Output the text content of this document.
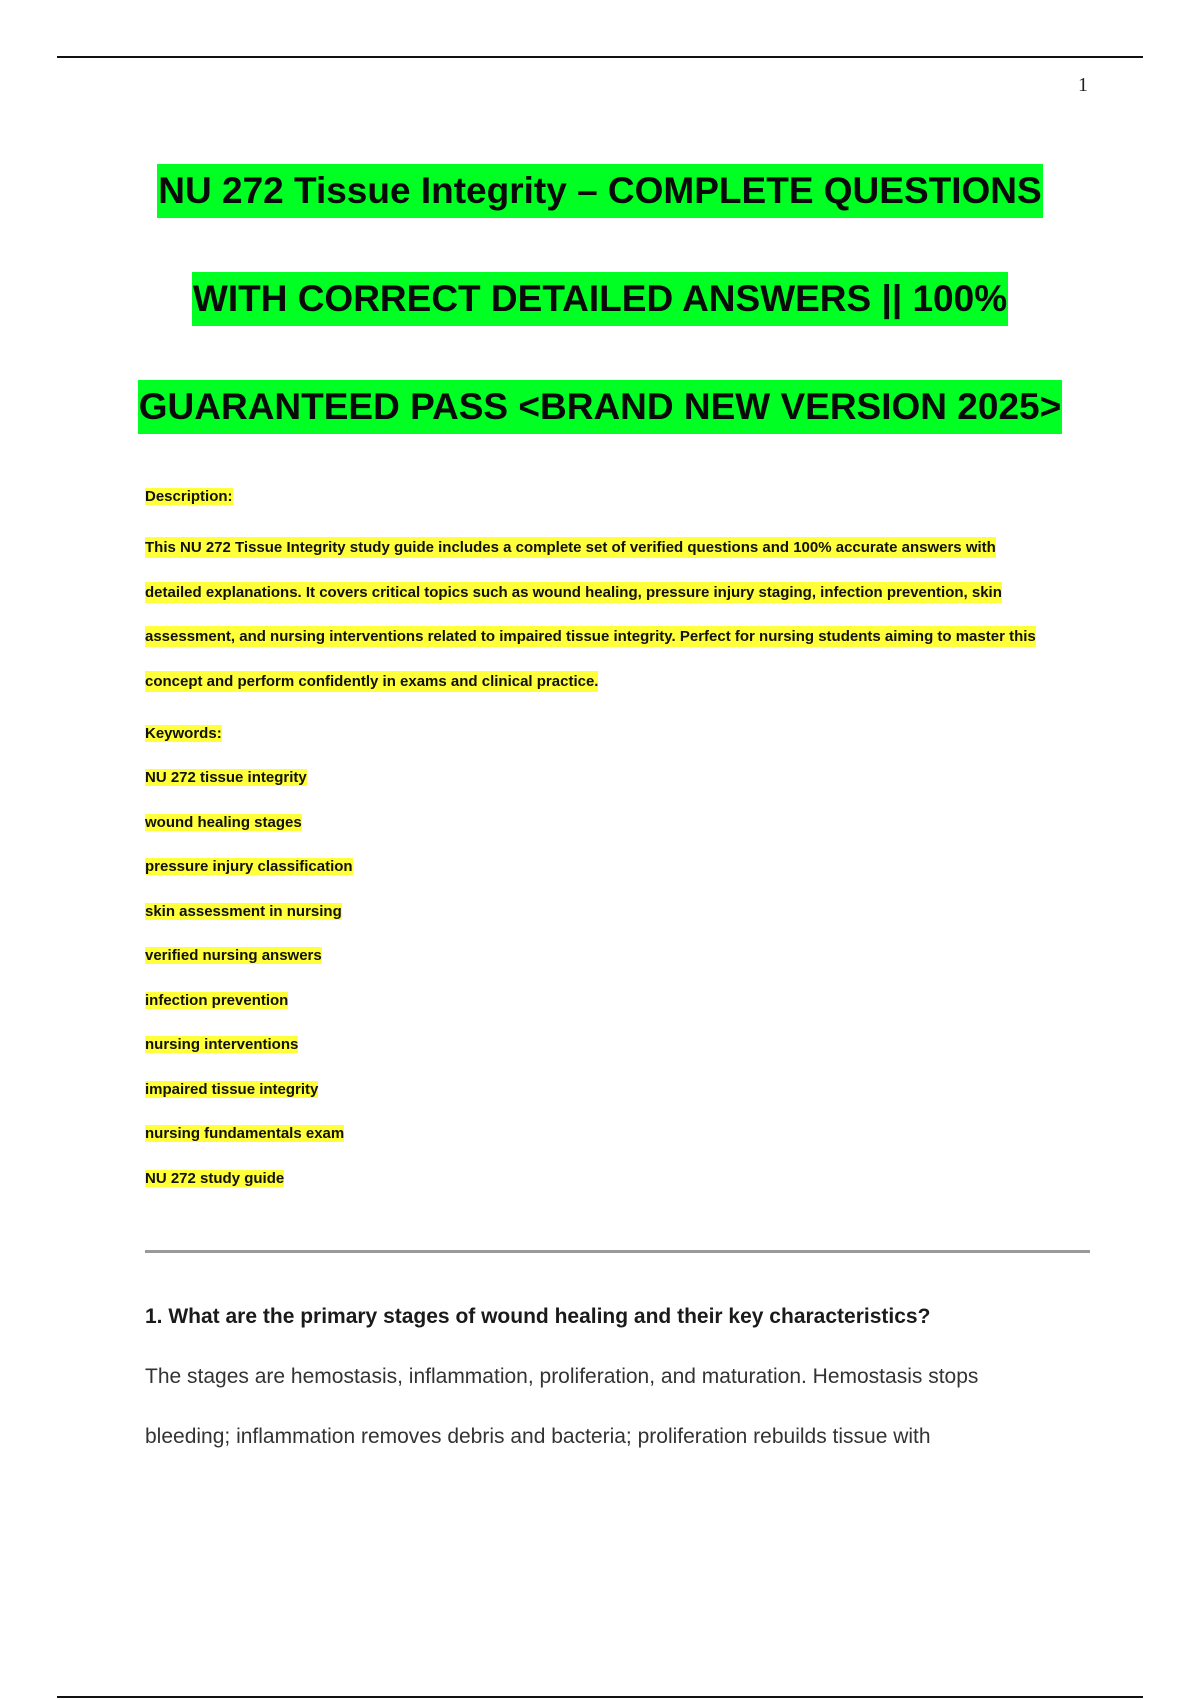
1
NU 272 Tissue Integrity – COMPLETE QUESTIONS
WITH CORRECT DETAILED ANSWERS || 100%
GUARANTEED PASS <BRAND NEW VERSION 2025>
Description:

This NU 272 Tissue Integrity study guide includes a complete set of verified questions and 100% accurate answers with
detailed explanations. It covers critical topics such as wound healing, pressure injury staging, infection prevention, skin
assessment, and nursing interventions related to impaired tissue integrity. Perfect for nursing students aiming to master this
concept and perform confidently in exams and clinical practice.

Keywords:
NU 272 tissue integrity
wound healing stages
pressure injury classification
skin assessment in nursing
verified nursing answers
infection prevention
nursing interventions
impaired tissue integrity
nursing fundamentals exam
NU 272 study guide
1. What are the primary stages of wound healing and their key characteristics?

The stages are hemostasis, inflammation, proliferation, and maturation. Hemostasis stops
bleeding; inflammation removes debris and bacteria; proliferation rebuilds tissue with
